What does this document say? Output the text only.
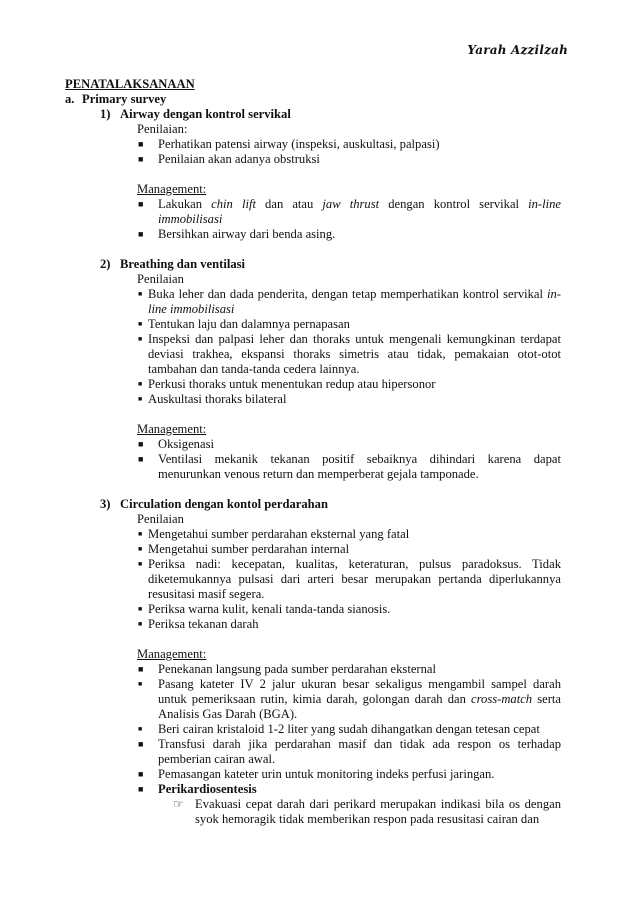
Yarah Azzilzah
PENATALAKSANAAN
a. Primary survey
1) Airway dengan kontrol servikal
Penilaian:
■	Perhatikan patensi airway (inspeksi, auskultasi, palpasi)
■	Penilaian akan adanya obstruksi
Management:
■	Lakukan chin lift dan atau jaw thrust dengan kontrol servikal in-line immobilisasi
■	Bersihkan airway dari benda asing.
2) Breathing dan ventilasi
Penilaian
■ Buka leher dan dada penderita, dengan tetap memperhatikan kontrol servikal in-line immobilisasi
■ Tentukan laju dan dalamnya pernapasan
■ Inspeksi dan palpasi leher dan thoraks untuk mengenali kemungkinan terdapat deviasi trakhea, ekspansi thoraks simetris atau tidak, pemakaian otot-otot tambahan dan tanda-tanda cedera lainnya.
■ Perkusi thoraks untuk menentukan redup atau hipersonor
■ Auskultasi thoraks bilateral
Management:
■	Oksigenasi
■	Ventilasi mekanik tekanan positif sebaiknya dihindari karena dapat menurunkan venous return dan memperberat gejala tamponade.
3) Circulation dengan kontol perdarahan
Penilaian
■ Mengetahui sumber perdarahan eksternal yang fatal
■ Mengetahui sumber perdarahan internal
■ Periksa nadi: kecepatan, kualitas, keteraturan, pulsus paradoksus. Tidak diketemukannya pulsasi dari arteri besar merupakan pertanda diperlukannya resusitasi masif segera.
■ Periksa warna kulit, kenali tanda-tanda sianosis.
■ Periksa tekanan darah
Management:
■	Penekanan langsung pada sumber perdarahan eksternal
■	Pasang kateter IV 2 jalur ukuran besar sekaligus mengambil sampel darah untuk pemeriksaan rutin, kimia darah, golongan darah dan cross-match serta Analisis Gas Darah (BGA).
■	Beri cairan kristaloid 1-2 liter yang sudah dihangatkan dengan tetesan cepat
■	Transfusi darah jika perdarahan masif dan tidak ada respon os terhadap pemberian cairan awal.
■	Pemasangan kateter urin untuk monitoring indeks perfusi jaringan.
■	Perikardiosentesis
☞ Evakuasi cepat darah dari perikard merupakan indikasi bila os dengan syok hemoragik tidak memberikan respon pada resusitasi cairan dan
